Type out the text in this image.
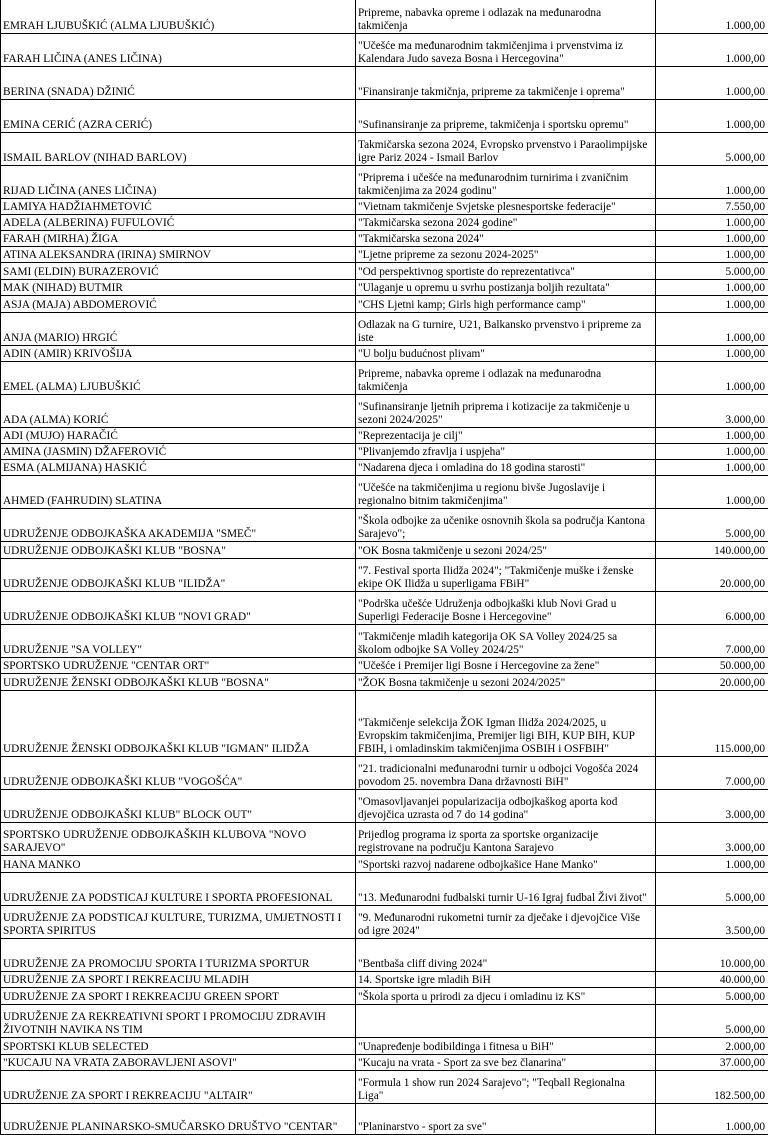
EMRAH LJUBUŠKIĆ (ALMA LJUBUŠKIĆ)	Pripreme, nabavka opreme i odlazak na međunarodna takmičenja	1.000,00
FARAH LIČINA (ANES LIČINA)	"Učešće ma međunarodnim takmičenjima i prvenstvima iz Kalendara Judo saveza Bosna i Hercegovina"	1.000,00
BERINA (SNADA) DŽINIĆ	"Finansiranje takmičnja, pripreme za takmičenje i oprema"	1.000,00
EMINA CERIĆ (AZRA CERIĆ)	"Sufinansiranje za pripreme, takmičenja i sportsku opremu"	1.000,00
ISMAIL BARLOV (NIHAD BARLOV)	Takmičarska sezona 2024, Evropsko prvenstvo i Paraolimpijske igre Pariz 2024 - Ismail Barlov	5.000,00
RIJAD LIČINA (ANES LIČINA)	"Priprema i učešće na međunarodnim turnirima i zvaničnim takmičenjima za 2024 godinu"	1.000,00
LAMIYA HADŽIAHMETOVIĆ	"Vietnam takmičenje Svjetske plesnesportske federacije"	7.550,00
ADELA (ALBERINA) FUFULOVIĆ	"Takmičarska sezona 2024 godine"	1.000,00
FARAH (MIRHA) ŽIGA	"Takmičarska sezona 2024"	1.000,00
ATINA ALEKSANDRA (IRINA) SMIRNOV	"Ljetne pripreme za sezonu 2024-2025"	1.000,00
SAMI (ELDIN) BURAZEROVIĆ	"Od perspektivnog sportiste do reprezentativca"	5.000,00
MAK (NIHAD) BUTMIR	"Ulaganje u opremu u svrhu postizanja boljih rezultata"	1.000,00
ASJA (MAJA) ABDOMEROVIĆ	"CHS Ljetni kamp; Girls high performance camp"	1.000,00
ANJA (MARIO) HRGIĆ	Odlazak na G turnire, U21, Balkansko prvenstvo i pripreme za iste	1.000,00
ADIN (AMIR) KRIVOŠIJA	"U bolju budućnost plivam"	1.000,00
EMEL (ALMA) LJUBUŠKIĆ	Pripreme, nabavka opreme i odlazak na međunarodna takmičenja	1.000,00
ADA (ALMA) KORIĆ	"Sufinansiranje ljetnih priprema i kotizacije za takmičenje u sezoni 2024/2025"	3.000,00
ADI (MUJO) HARAČIĆ	"Reprezentacija je cilj"	1.000,00
AMINA (JASMIN) DŽAFEROVIĆ	"Plivanjemdo zfravlja i uspjeha"	1.000,00
ESMA (ALMIJANA) HASKIĆ	"Nadarena djeca i omladina do 18 godina starosti"	1.000,00
AHMED (FAHRUDIN) SLATINA	"Učešće na takmičenjima u regionu bivše Jugoslavije i regionalno bitnim takmičenjima"	1.000,00
UDRUŽENJE ODBOJKAŠKA AKADEMIJA "SMEČ"	"Škola odbojke za učenike osnovnih škola sa područja Kantona Sarajevo";	5.000,00
UDRUŽENJE ODBOJKAŠKI KLUB "BOSNA"	"OK Bosna takmičenje u sezoni 2024/25"	140.000,00
UDRUŽENJE ODBOJKAŠKI KLUB "ILIDŽA"	"7. Festival sporta Ilidža 2024"; "Takmičenje muške i ženske ekipe OK Ilidža u superligama FBiH"	20.000,00
UDRUŽENJE ODBOJKAŠKI KLUB "NOVI GRAD"	"Podrška učešće Udruženja odbojkaški klub Novi Grad u Superligi Federacije Bosne i Hercegovine"	6.000,00
UDRUŽENJE "SA VOLLEY"	"Takmičenje mladih kategorija OK SA Volley 2024/25 sa školom odbojke SA Volley 2024/25"	7.000,00
SPORTSKO UDRUŽENJE "CENTAR ORT"	"Učešće i Premijer ligi Bosne i Hercegovine za žene"	50.000,00
UDRUŽENJE ŽENSKI ODBOJKAŠKI KLUB "BOSNA"	"ŽOK Bosna takmičenje u sezoni 2024/2025"	20.000,00
UDRUŽENJE ŽENSKI ODBOJKAŠKI KLUB "IGMAN" ILIDŽA	"Takmičenje selekcija ŽOK Igman Ilidža 2024/2025, u Evropskim takmičenjima, Premijer ligi BIH, KUP BIH, KUP FBIH, i omladinskim takmičenjima OSBIH i OSFBIH"	115.000,00
UDRUŽENJE ODBOJKAŠKI KLUB "VOGOŠĆA"	"21. tradicionalni međunarodni turnir u odbojci Vogošća 2024 povodom 25. novembra Dana državnosti BiH"	7.000,00
UDRUŽENJE ODBOJKAŠKI KLUB" BLOCK OUT"	"Omasovljavanjei popularizacija odbojkaškog aporta kod djevojčica uzrasta od 7 do 14 godina"	3.000,00
SPORTSKO UDRUŽENJE ODBOJKAŠKIH KLUBOVA "NOVO SARAJEVO"	Prijedlog programa iz sporta za sportske organizacije registrovane na području Kantona Sarajevo	3.000,00
HANA MANKO	"Sportski razvoj nadarene odbojkašice Hane Manko"	1.000,00
UDRUŽENJE ZA PODSTICAJ KULTURE I SPORTA PROFESIONAL	"13. Međunarodni fudbalski turnir U-16 Igraj fudbal Živi život"	5.000,00
UDRUŽENJE ZA PODSTICAJ KULTURE, TURIZMA, UMJETNOSTI I SPORTA SPIRITUS	"9. Međunarodni rukometni turnir za dječake i djevojčice Više od igre 2024"	3.500,00
UDRUŽENJE ZA PROMOCIJU SPORTA I TURIZMA SPORTUR	"Bentbaša cliff diving 2024"	10.000,00
UDRUŽENJE ZA SPORT I REKREACIJU MLADIH	14. Sportske igre mladih BiH	40.000,00
UDRUŽENJE ZA SPORT I REKREACIJU GREEN SPORT	"Škola sporta u prirodi za djecu i omladinu iz KS"	5.000,00
UDRUŽENJE ZA REKREATIVNI SPORT I PROMOCIJU ZDRAVIH ŽIVOTNIH NAVIKA NS TIM		5.000,00
SPORTSKI KLUB SELECTED	"Unapređenje bodibildinga i fitnesa u BiH"	2.000,00
"KUCAJU NA VRATA ZABORAVLJENI ASOVI"	"Kucaju na vrata - Sport za sve bez članarina"	37.000,00
UDRUŽENJE ZA SPORT I REKREACIJU "ALTAIR"	"Formula 1 show run 2024 Sarajevo"; "Teqball Regionalna Liga"	182.500,00
UDRUŽENJE PLANINARSKO-SMUČARSKO DRUŠTVO "CENTAR"	"Planinarstvo - sport za sve"	1.000,00
